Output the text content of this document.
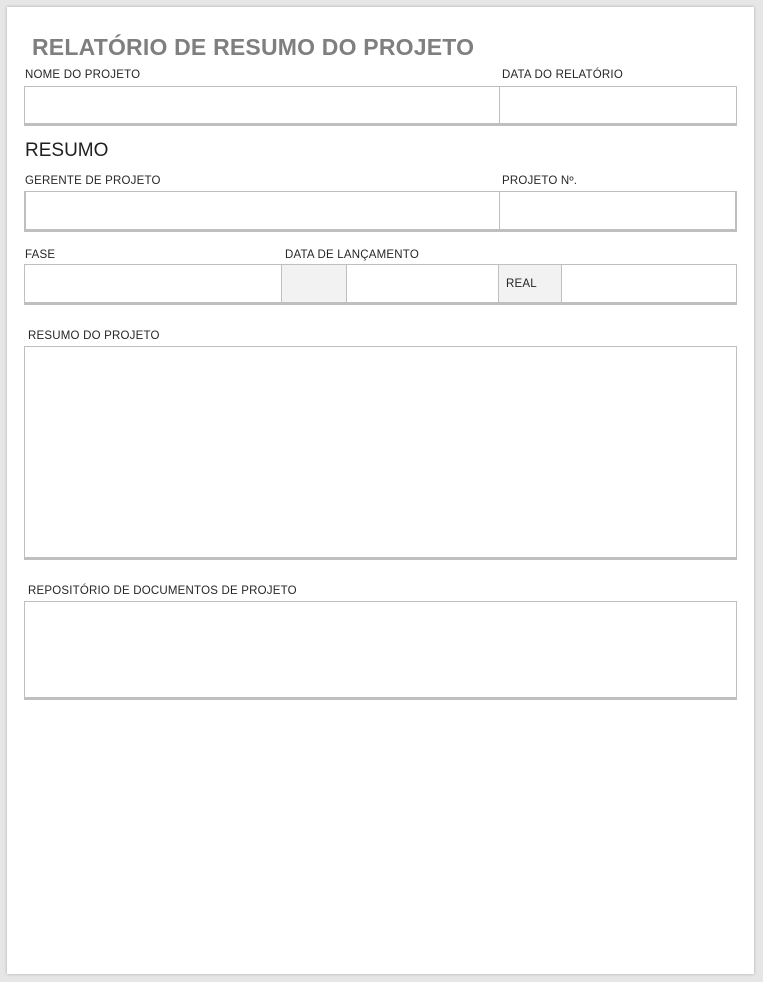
RELATÓRIO DE RESUMO DO PROJETO
NOME DO PROJETO	DATA DO RELATÓRIO
RESUMO
GERENTE DE PROJETO	PROJETO Nº.
FASE	DATA DE LANÇAMENTO
REAL
RESUMO DO PROJETO
REPOSITÓRIO DE DOCUMENTOS DE PROJETO
